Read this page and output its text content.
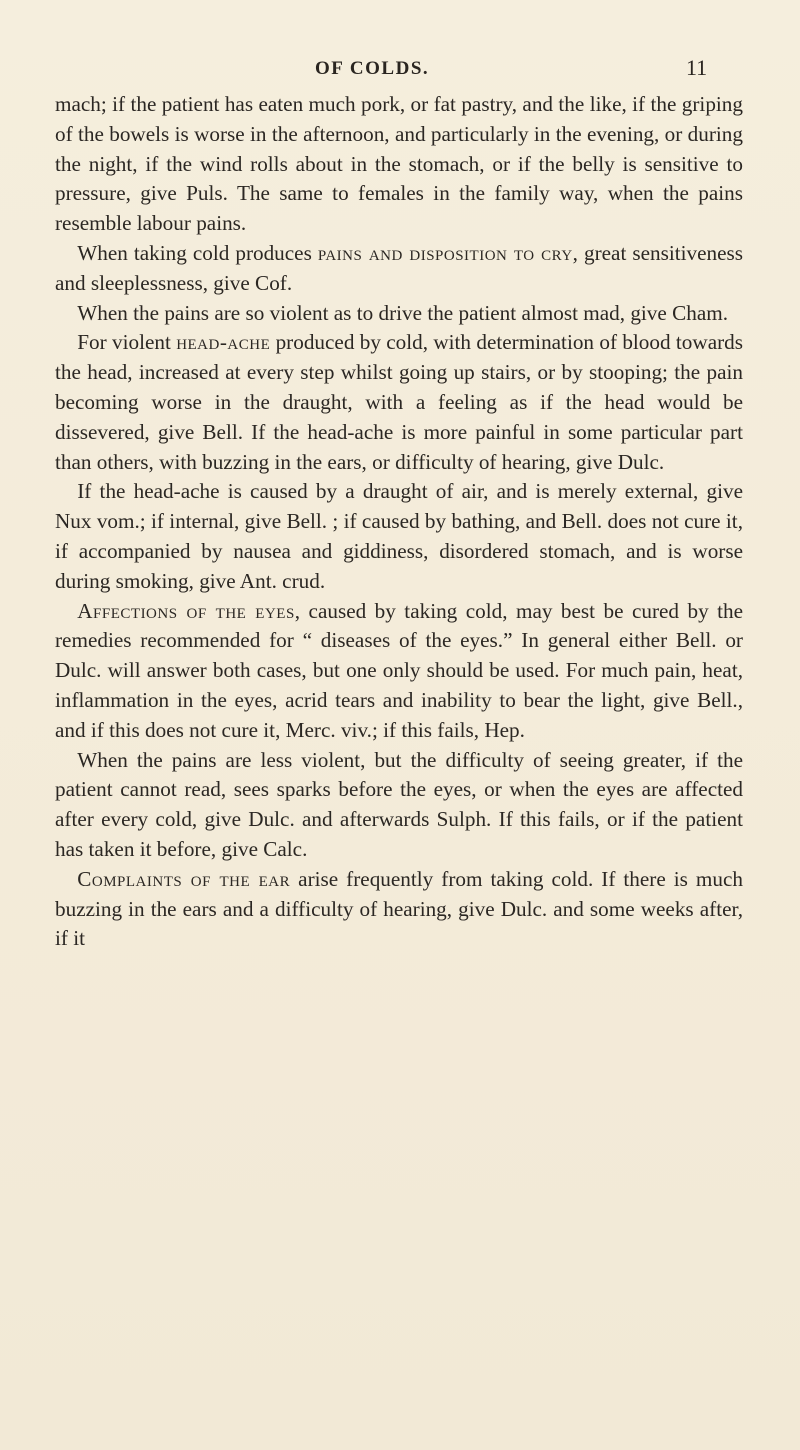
OF COLDS.	11

mach; if the patient has eaten much pork, or fat pastry, and the like, if the griping of the bowels is worse in the afternoon, and particularly in the evening, or during the night, if the wind rolls about in the stomach, or if the belly is sensitive to pressure, give Puls. The same to females in the family way, when the pains resemble labour pains.

When taking cold produces pains and disposition to cry, great sensitiveness and sleeplessness, give Cof.

When the pains are so violent as to drive the patient almost mad, give Cham.

For violent head-ache produced by cold, with determination of blood towards the head, increased at every step whilst going up stairs, or by stooping; the pain becoming worse in the draught, with a feeling as if the head would be dissevered, give Bell. If the head-ache is more painful in some particular part than others, with buzzing in the ears, or difficulty of hearing, give Dulc.

If the head-ache is caused by a draught of air, and is merely external, give Nux vom.; if internal, give Bell. ; if caused by bathing, and Bell. does not cure it, if accompanied by nausea and giddiness, disordered stomach, and is worse during smoking, give Ant. crud.

Affections of the eyes, caused by taking cold, may best be cured by the remedies recommended for “ diseases of the eyes.” In general either Bell. or Dulc. will answer both cases, but one only should be used. For much pain, heat, inflammation in the eyes, acrid tears and inability to bear the light, give Bell., and if this does not cure it, Merc. viv.; if this fails, Hep.

When the pains are less violent, but the difficulty of seeing greater, if the patient cannot read, sees sparks before the eyes, or when the eyes are affected after every cold, give Dulc. and afterwards Sulph. If this fails, or if the patient has taken it before, give Calc.

Complaints of the ear arise frequently from taking cold. If there is much buzzing in the ears and a difficulty of hearing, give Dulc. and some weeks after, if it
